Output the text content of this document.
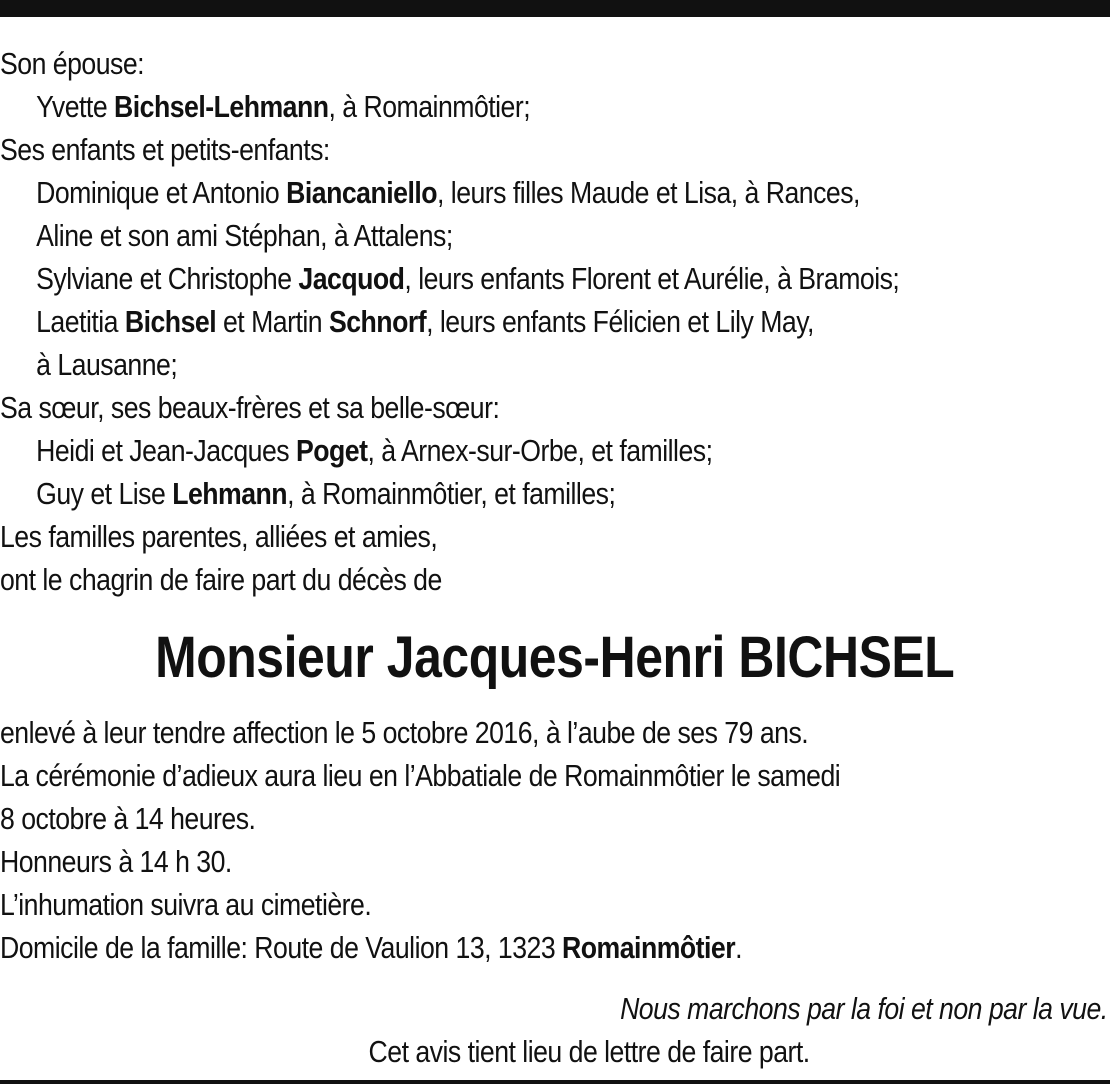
Son épouse:
Yvette Bichsel-Lehmann, à Romainmôtier;
Ses enfants et petits-enfants:
Dominique et Antonio Biancaniello, leurs filles Maude et Lisa, à Rances,
Aline et son ami Stéphan, à Attalens;
Sylviane et Christophe Jacquod, leurs enfants Florent et Aurélie, à Bramois;
Laetitia Bichsel et Martin Schnorf, leurs enfants Félicien et Lily May,
à Lausanne;
Sa sœur, ses beaux-frères et sa belle-sœur:
Heidi et Jean-Jacques Poget, à Arnex-sur-Orbe, et familles;
Guy et Lise Lehmann, à Romainmôtier, et familles;
Les familles parentes, alliées et amies,
ont le chagrin de faire part du décès de
Monsieur Jacques-Henri BICHSEL
enlevé à leur tendre affection le 5 octobre 2016, à l’aube de ses 79 ans.
La cérémonie d’adieux aura lieu en l’Abbatiale de Romainmôtier le samedi
8 octobre à 14 heures.
Honneurs à 14 h 30.
L’inhumation suivra au cimetière.
Domicile de la famille: Route de Vaulion 13, 1323 Romainmôtier.
Nous marchons par la foi et non par la vue.
Cet avis tient lieu de lettre de faire part.
